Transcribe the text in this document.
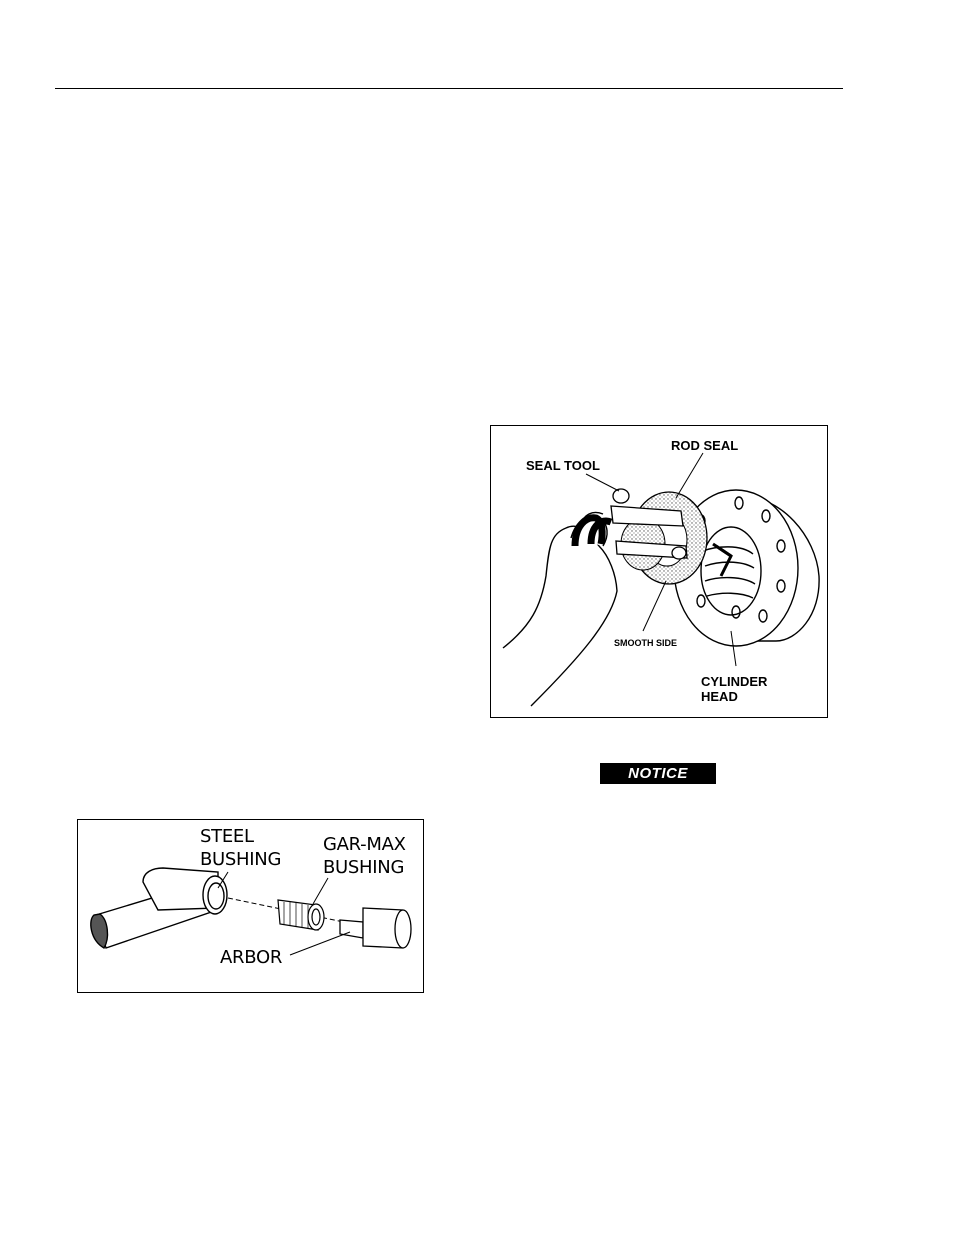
SEAL TOOL
ROD SEAL
SMOOTH SIDE
CYLINDER
HEAD
NOTICE
STEEL
BUSHING
GAR-MAX
BUSHING
ARBOR
